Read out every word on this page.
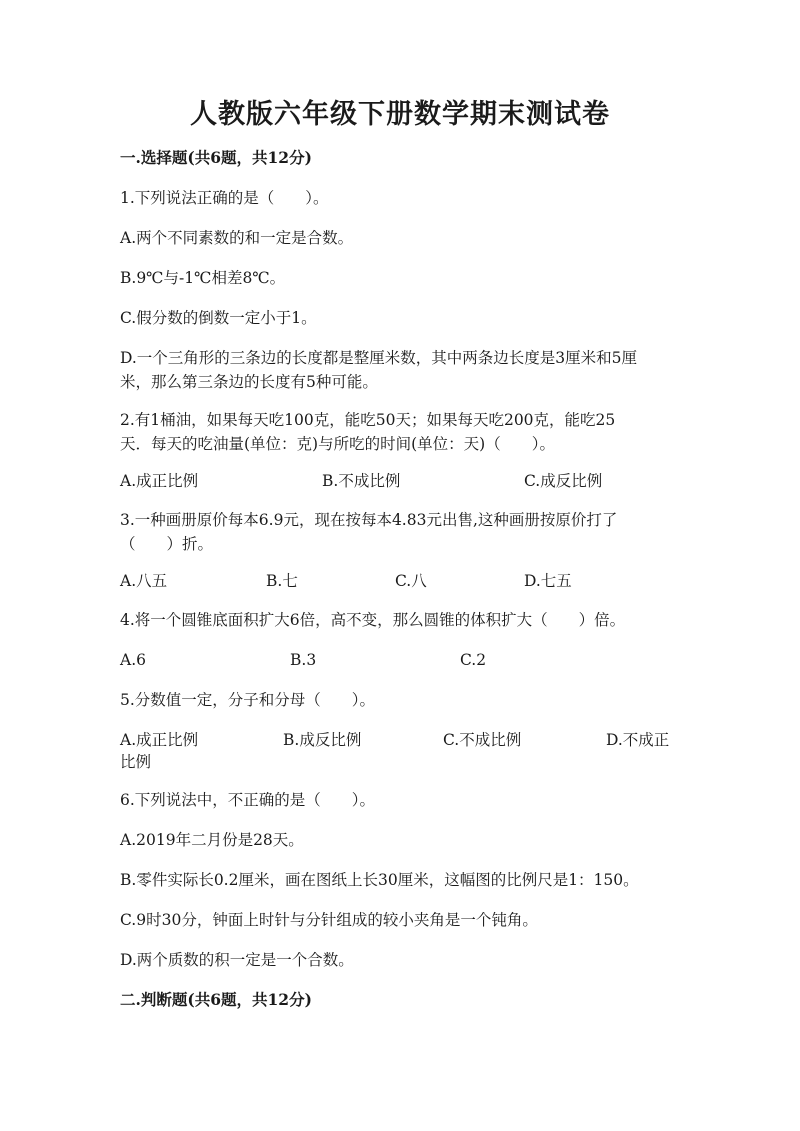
人教版六年级下册数学期末测试卷
一.选择题(共6题，共12分)
1.下列说法正确的是（　　）。
A.两个不同素数的和一定是合数。
B.9℃与-1℃相差8℃。
C.假分数的倒数一定小于1。
D.一个三角形的三条边的长度都是整厘米数，其中两条边长度是3厘米和5厘
米，那么第三条边的长度有5种可能。
2.有1桶油，如果每天吃100克，能吃50天；如果每天吃200克，能吃25
天．每天的吃油量(单位：克)与所吃的时间(单位：天)（　　）。
A.成正比例	B.不成比例	C.成反比例
3.一种画册原价每本6.9元，现在按每本4.83元出售,这种画册按原价打了
（　　）折。
A.八五	B.七	C.八	D.七五
4.将一个圆锥底面积扩大6倍，高不变，那么圆锥的体积扩大（　　）倍。
A.6	B.3	C.2
5.分数值一定，分子和分母（　　）。
A.成正比例	B.成反比例	C.不成比例	D.不成正
比例
6.下列说法中，不正确的是（　　）。
A.2019年二月份是28天。
B.零件实际长0.2厘米，画在图纸上长30厘米，这幅图的比例尺是1：150。
C.9时30分，钟面上时针与分针组成的较小夹角是一个钝角。
D.两个质数的积一定是一个合数。
二.判断题(共6题，共12分)
